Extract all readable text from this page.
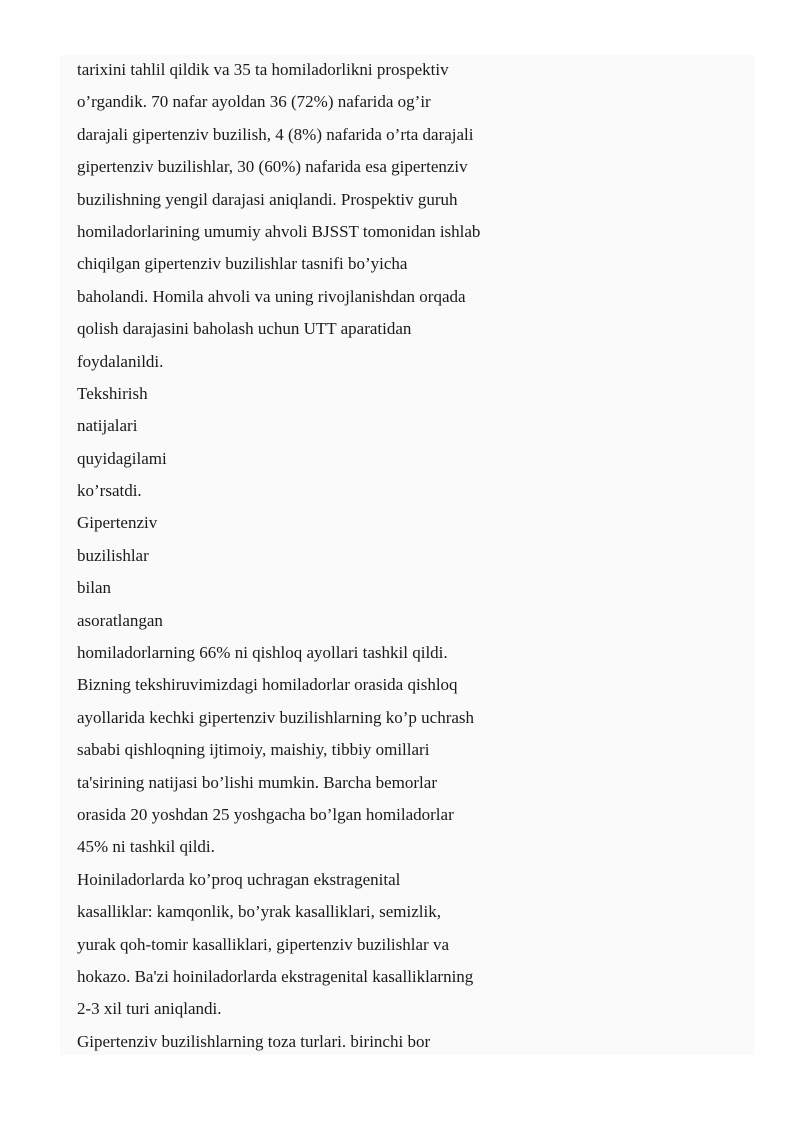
tarixini tahlil qildik va 35 ta homiladorlikni prospektiv
o’rgandik. 70 nafar ayoldan 36 (72%) nafarida og’ir
darajali gipertenziv buzilish, 4 (8%) nafarida o’rta darajali
gipertenziv buzilishlar, 30 (60%) nafarida esa gipertenziv
buzilishning yengil darajasi aniqlandi. Prospektiv guruh
homiladorlarining umumiy ahvoli BJSST tomonidan ishlab
chiqilgan gipertenziv buzilishlar tasnifi bo’yicha
baholandi. Homila ahvoli va uning rivojlanishdan orqada
qolish darajasini baholash uchun UTT aparatidan
foydalanildi.
Tekshirish
natijalari
quyidagilami
ko’rsatdi.
Gipertenziv
buzilishlar
bilan
asoratlangan
homiladorlarning 66% ni qishloq ayollari tashkil qildi.
Bizning tekshiruvimizdagi homiladorlar orasida qishloq
ayollarida kechki gipertenziv buzilishlarning ko’p uchrash
sababi qishloqning ijtimoiy, maishiy, tibbiy omillari
ta'sirining natijasi bo’lishi mumkin. Barcha bemorlar
orasida 20 yoshdan 25 yoshgacha bo’lgan homiladorlar
45% ni tashkil qildi.
Hoiniladorlarda ko’proq uchragan ekstragenital
kasalliklar: kamqonlik, bo’yrak kasalliklari, semizlik,
yurak qoh-tomir kasalliklari, gipertenziv buzilishlar va
hokazo. Ba'zi hoiniladorlarda ekstragenital kasalliklarning
2-3 xil turi aniqlandi.
Gipertenziv buzilishlarning toza turlari. birinchi bor
